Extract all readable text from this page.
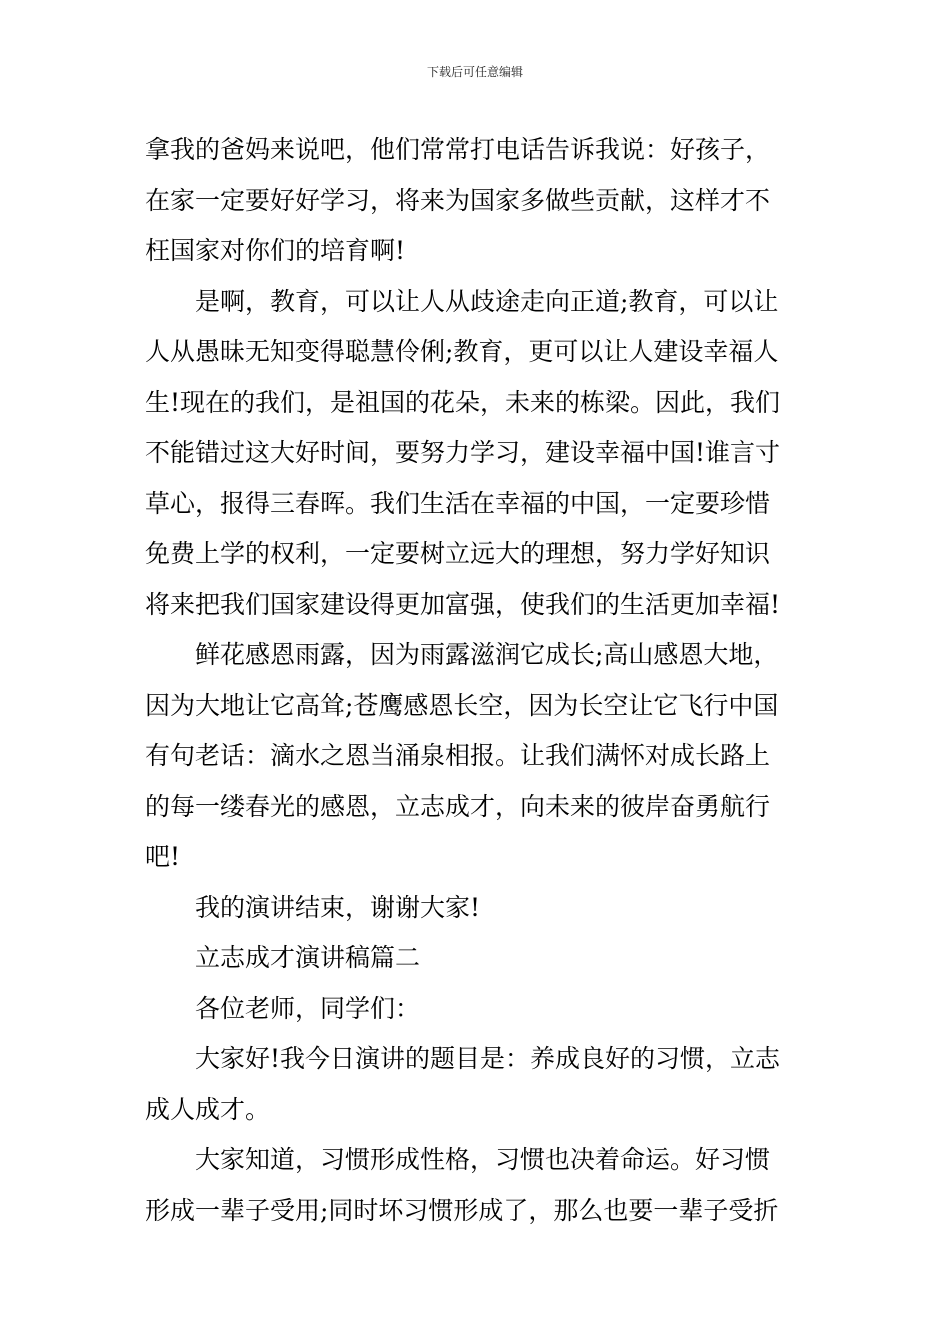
下载后可任意编辑
拿我的爸妈来说吧，他们常常打电话告诉我说：好孩子，
在家一定要好好学习，将来为国家多做些贡献，这样才不
枉国家对你们的培育啊!
是啊，教育，可以让人从歧途走向正道;教育，可以让
人从愚昧无知变得聪慧伶俐;教育，更可以让人建设幸福人
生!现在的我们，是祖国的花朵，未来的栋梁。因此，我们
不能错过这大好时间，要努力学习，建设幸福中国!谁言寸
草心，报得三春晖。我们生活在幸福的中国，一定要珍惜
免费上学的权利，一定要树立远大的理想，努力学好知识
将来把我们国家建设得更加富强，使我们的生活更加幸福!
鲜花感恩雨露，因为雨露滋润它成长;高山感恩大地，
因为大地让它高耸;苍鹰感恩长空，因为长空让它飞行中国
有句老话：滴水之恩当涌泉相报。让我们满怀对成长路上
的每一缕春光的感恩，立志成才，向未来的彼岸奋勇航行
吧!
我的演讲结束，谢谢大家!
立志成才演讲稿篇二
各位老师，同学们：
大家好!我今日演讲的题目是：养成良好的习惯，立志
成人成才。
大家知道，习惯形成性格，习惯也决着命运。好习惯
形成一辈子受用;同时坏习惯形成了，那么也要一辈子受折
